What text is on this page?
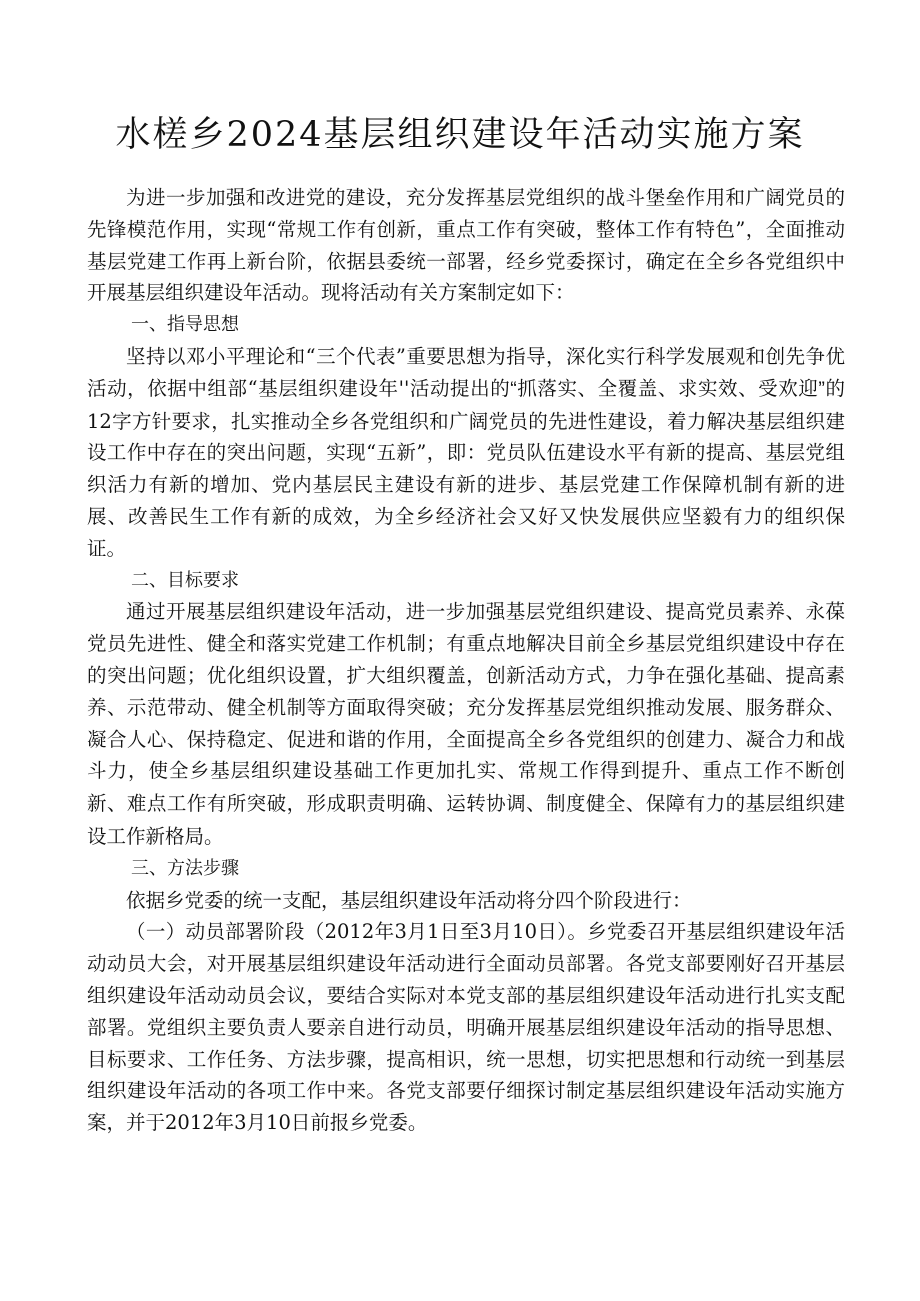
水槎乡2024基层组织建设年活动实施方案

为进一步加强和改进党的建设，充分发挥基层党组织的战斗堡垒作用和广阔党员的先锋模范作用，实现“常规工作有创新，重点工作有突破，整体工作有特色”，全面推动基层党建工作再上新台阶，依据县委统一部署，经乡党委探讨，确定在全乡各党组织中开展基层组织建设年活动。现将活动有关方案制定如下：

一、指导思想

坚持以邓小平理论和“三个代表”重要思想为指导，深化实行科学发展观和创先争优活动，依据中组部“基层组织建设年''活动提出的“抓落实、全覆盖、求实效、受欢迎”的12字方针要求，扎实推动全乡各党组织和广阔党员的先进性建设，着力解决基层组织建设工作中存在的突出问题，实现“五新”，即：党员队伍建设水平有新的提高、基层党组织活力有新的增加、党内基层民主建设有新的进步、基层党建工作保障机制有新的进展、改善民生工作有新的成效，为全乡经济社会又好又快发展供应坚毅有力的组织保证。

二、目标要求

通过开展基层组织建设年活动，进一步加强基层党组织建设、提高党员素养、永葆党员先进性、健全和落实党建工作机制；有重点地解决目前全乡基层党组织建设中存在的突出问题；优化组织设置，扩大组织覆盖，创新活动方式，力争在强化基础、提高素养、示范带动、健全机制等方面取得突破；充分发挥基层党组织推动发展、服务群众、凝合人心、保持稳定、促进和谐的作用，全面提高全乡各党组织的创建力、凝合力和战斗力，使全乡基层组织建设基础工作更加扎实、常规工作得到提升、重点工作不断创新、难点工作有所突破，形成职责明确、运转协调、制度健全、保障有力的基层组织建设工作新格局。

三、方法步骤

依据乡党委的统一支配，基层组织建设年活动将分四个阶段进行：

（一）动员部署阶段（2012年3月1日至3月10日）。乡党委召开基层组织建设年活动动员大会，对开展基层组织建设年活动进行全面动员部署。各党支部要刚好召开基层组织建设年活动动员会议，要结合实际对本党支部的基层组织建设年活动进行扎实支配部署。党组织主要负责人要亲自进行动员，明确开展基层组织建设年活动的指导思想、目标要求、工作任务、方法步骤，提高相识，统一思想，切实把思想和行动统一到基层组织建设年活动的各项工作中来。各党支部要仔细探讨制定基层组织建设年活动实施方案，并于2012年3月10日前报乡党委。
